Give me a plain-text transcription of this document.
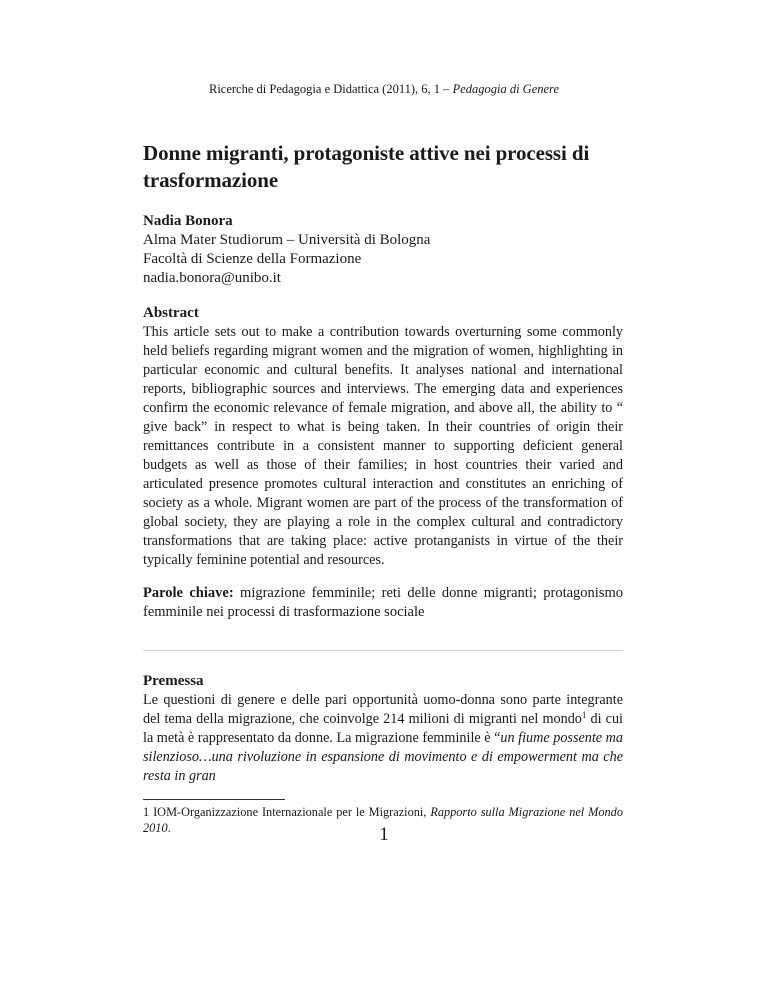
Ricerche di Pedagogia e Didattica (2011), 6, 1 – Pedagogia di Genere
Donne migranti, protagoniste attive nei processi di trasformazione
Nadia Bonora
Alma Mater Studiorum – Università di Bologna
Facoltà di Scienze della Formazione
nadia.bonora@unibo.it
Abstract

This article sets out to make a contribution towards overturning some commonly held beliefs regarding migrant women and the migration of women, highlighting in particular economic and cultural benefits. It analyses national and international reports, bibliographic sources and interviews. The emerging data and experiences confirm the economic relevance of female migration, and above all, the ability to “ give back” in respect to what is being taken. In their countries of origin their remittances contribute in a consistent manner to supporting deficient general budgets as well as those of their families; in host countries their varied and articulated presence promotes cultural interaction and constitutes an enriching of society as a whole. Migrant women are part of the process of the transformation of global society, they are playing a role in the complex cultural and contradictory transformations that are taking place: active protanganists in virtue of the their typically feminine potential and resources.

Parole chiave: migrazione femminile; reti delle donne migranti; protagonismo femminile nei processi di trasformazione sociale
Premessa

Le questioni di genere e delle pari opportunità uomo-donna sono parte integrante del tema della migrazione, che coinvolge 214 milioni di migranti nel mondo$^1$ di cui la metà è rappresentato da donne. La migrazione femminile è “un fiume possente ma silenzioso…una rivoluzione in espansione di movimento e di empowerment ma che resta in gran

1 IOM-Organizzazione Internazionale per le Migrazioni, Rapporto sulla Migrazione nel Mondo 2010.	1
